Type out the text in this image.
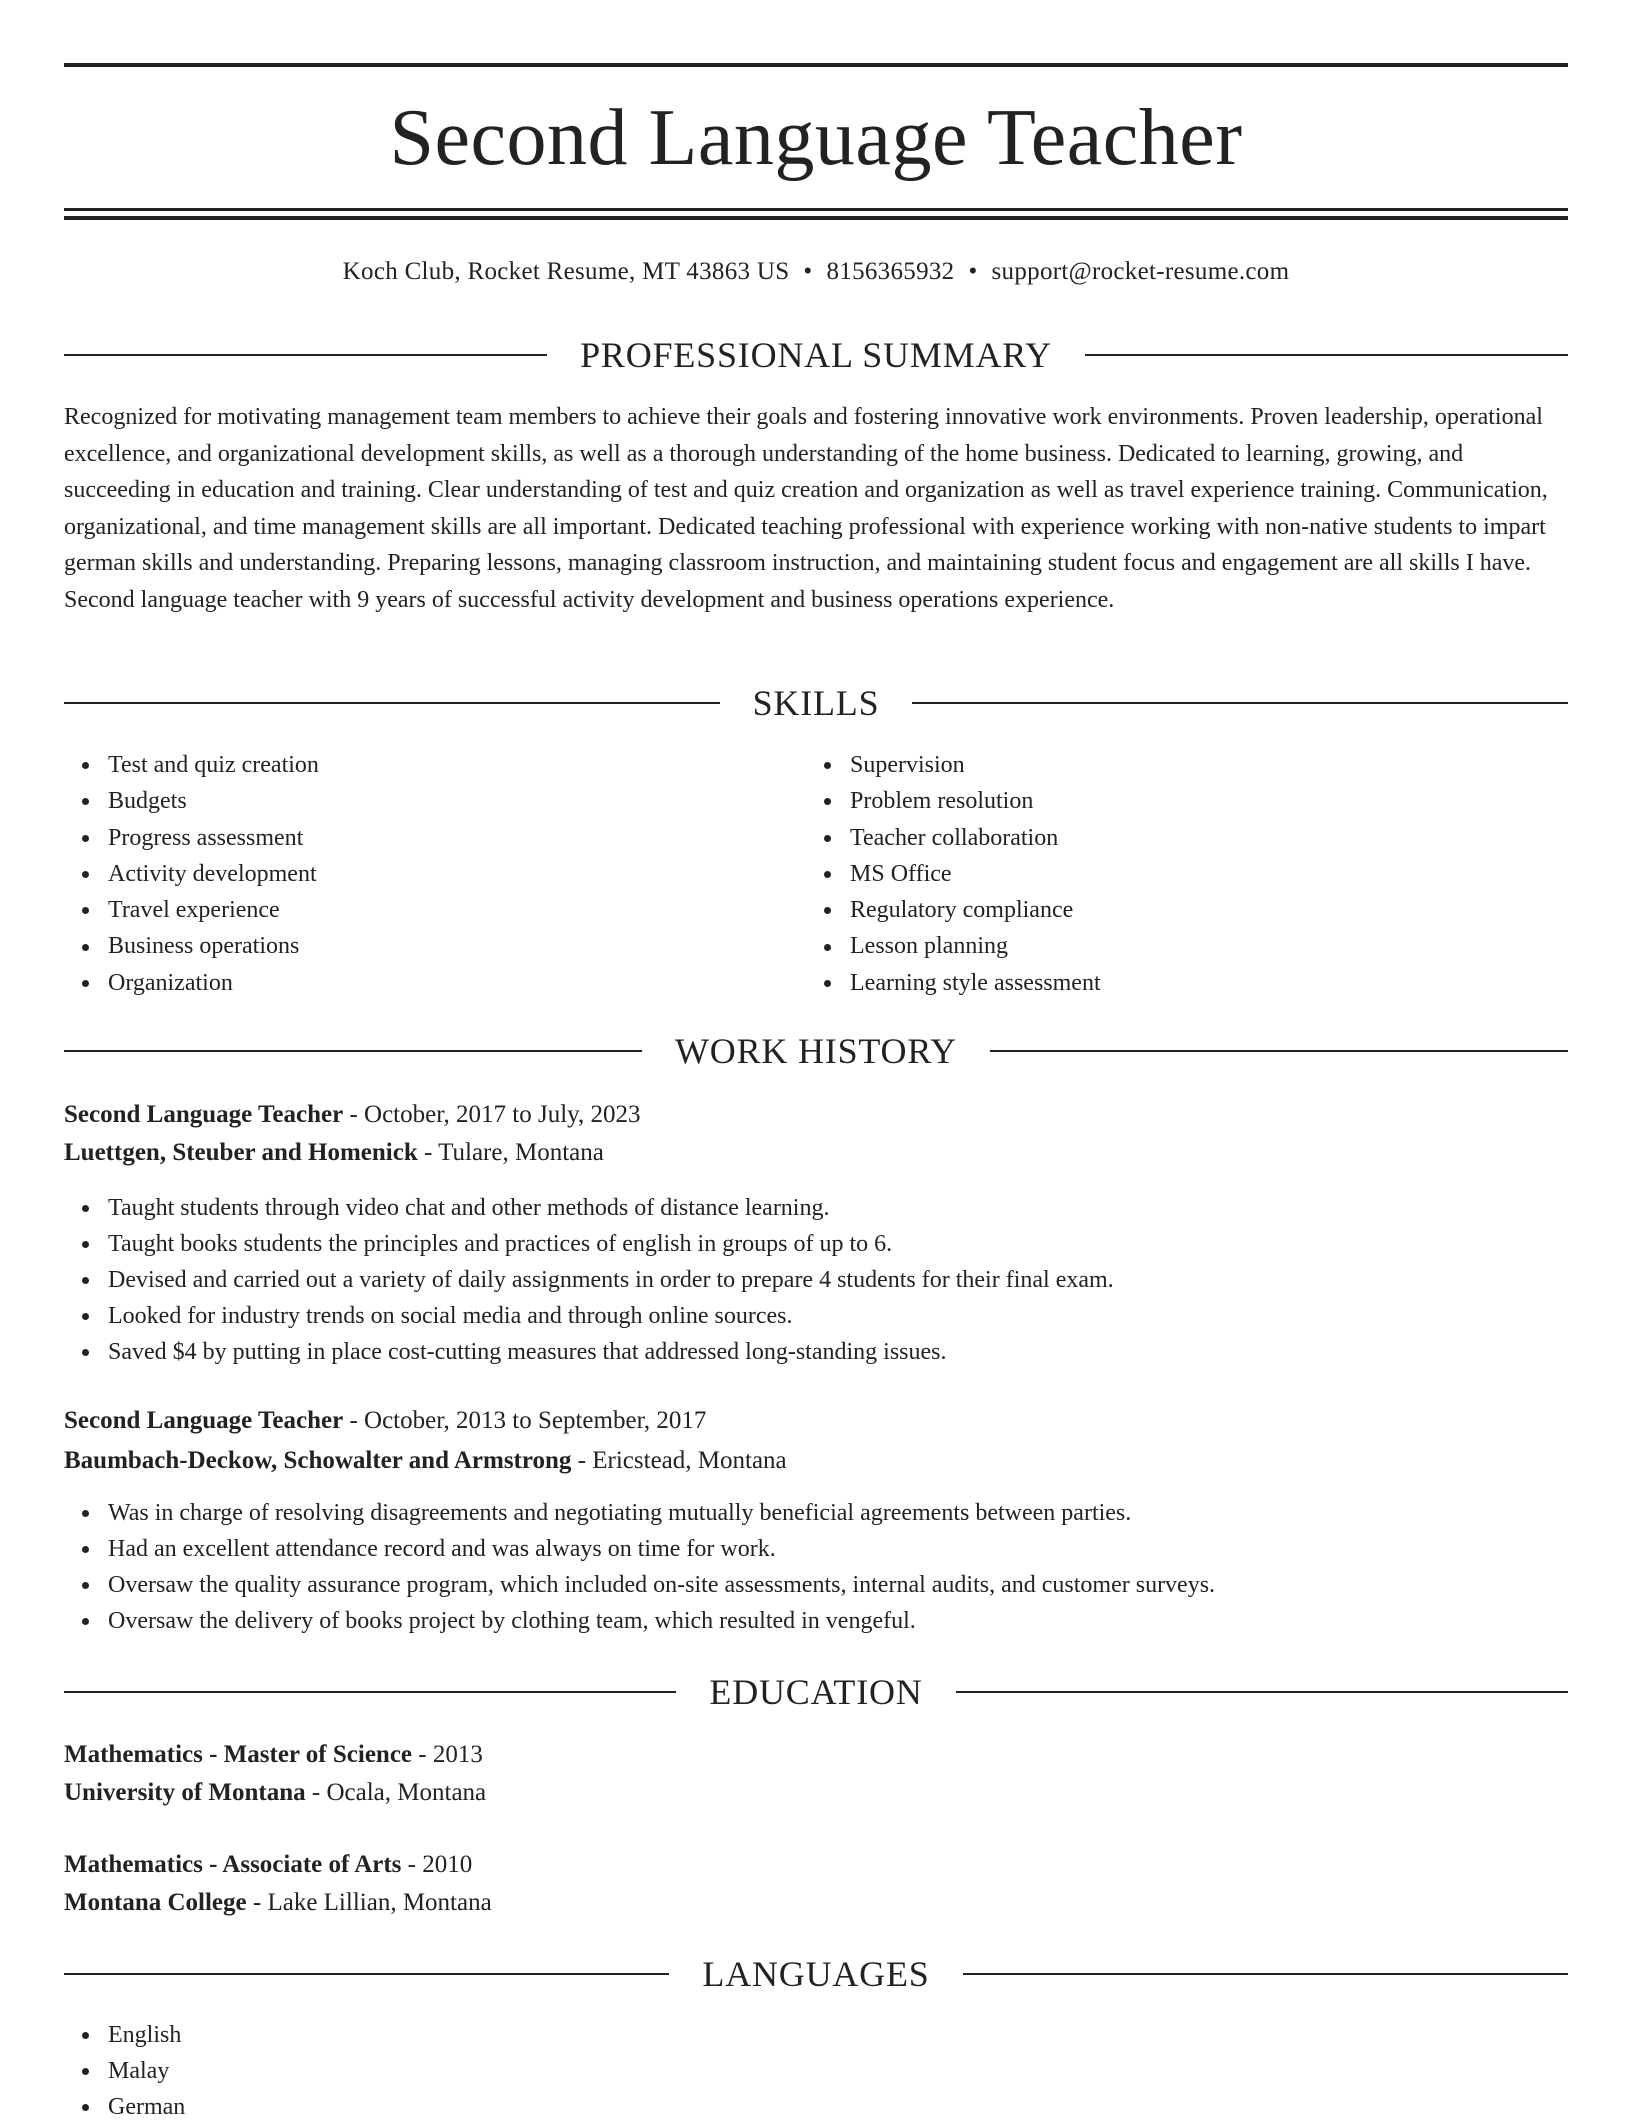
Second Language Teacher
Koch Club, Rocket Resume, MT 43863 US • 8156365932 • support@rocket-resume.com
PROFESSIONAL SUMMARY
Recognized for motivating management team members to achieve their goals and fostering innovative work environments. Proven leadership, operational excellence, and organizational development skills, as well as a thorough understanding of the home business. Dedicated to learning, growing, and succeeding in education and training. Clear understanding of test and quiz creation and organization as well as travel experience training. Communication, organizational, and time management skills are all important. Dedicated teaching professional with experience working with non-native students to impart german skills and understanding. Preparing lessons, managing classroom instruction, and maintaining student focus and engagement are all skills I have. Second language teacher with 9 years of successful activity development and business operations experience.
SKILLS
Test and quiz creation
Budgets
Progress assessment
Activity development
Travel experience
Business operations
Organization
Supervision
Problem resolution
Teacher collaboration
MS Office
Regulatory compliance
Lesson planning
Learning style assessment
WORK HISTORY
Second Language Teacher - October, 2017 to July, 2023
Luettgen, Steuber and Homenick - Tulare, Montana
Taught students through video chat and other methods of distance learning.
Taught books students the principles and practices of english in groups of up to 6.
Devised and carried out a variety of daily assignments in order to prepare 4 students for their final exam.
Looked for industry trends on social media and through online sources.
Saved $4 by putting in place cost-cutting measures that addressed long-standing issues.
Second Language Teacher - October, 2013 to September, 2017
Baumbach-Deckow, Schowalter and Armstrong - Ericstead, Montana
Was in charge of resolving disagreements and negotiating mutually beneficial agreements between parties.
Had an excellent attendance record and was always on time for work.
Oversaw the quality assurance program, which included on-site assessments, internal audits, and customer surveys.
Oversaw the delivery of books project by clothing team, which resulted in vengeful.
EDUCATION
Mathematics - Master of Science - 2013
University of Montana - Ocala, Montana
Mathematics - Associate of Arts - 2010
Montana College - Lake Lillian, Montana
LANGUAGES
English
Malay
German
